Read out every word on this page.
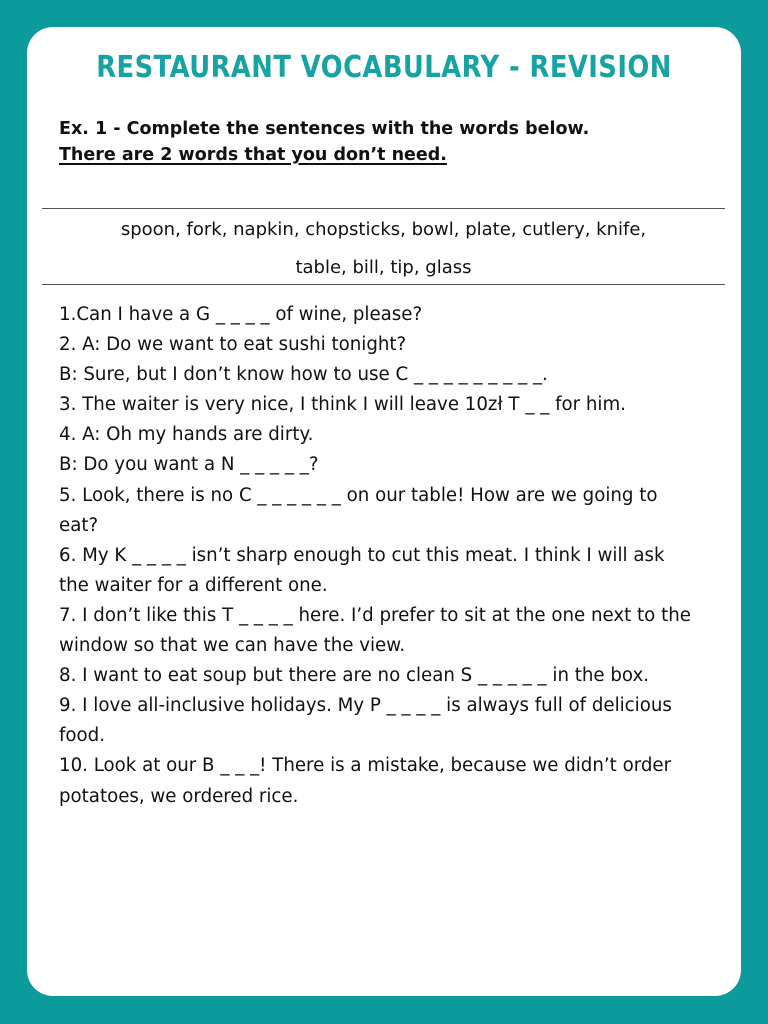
RESTAURANT VOCABULARY - REVISION
Ex. 1 - Complete the sentences with the words below.
There are 2 words that you don’t need.
spoon, fork, napkin, chopsticks, bowl, plate, cutlery, knife,
table, bill, tip, glass

1.Can I have a G _ _ _ _ of wine, please?

2. A: Do we want to eat sushi tonight?

B: Sure, but I don’t know how to use C _ _ _ _ _ _ _ _ _.

3. The waiter is very nice, I think I will leave 10zł T _ _ for him.

4. A: Oh my hands are dirty.

B: Do you want a N _ _ _ _ _?

5. Look, there is no C _ _ _ _ _ _ on our table! How are we going to eat?

6. My K _ _ _ _ isn’t sharp enough to cut this meat. I think I will ask the waiter for a different one.

7. I don’t like this T _ _ _ _ here. I’d prefer to sit at the one next to the window so that we can have the view.

8. I want to eat soup but there are no clean S _ _ _ _ _ in the box.

9. I love all-inclusive holidays. My P _ _ _ _ is always full of delicious food.

10. Look at our B _ _ _! There is a mistake, because we didn’t order potatoes, we ordered rice.
